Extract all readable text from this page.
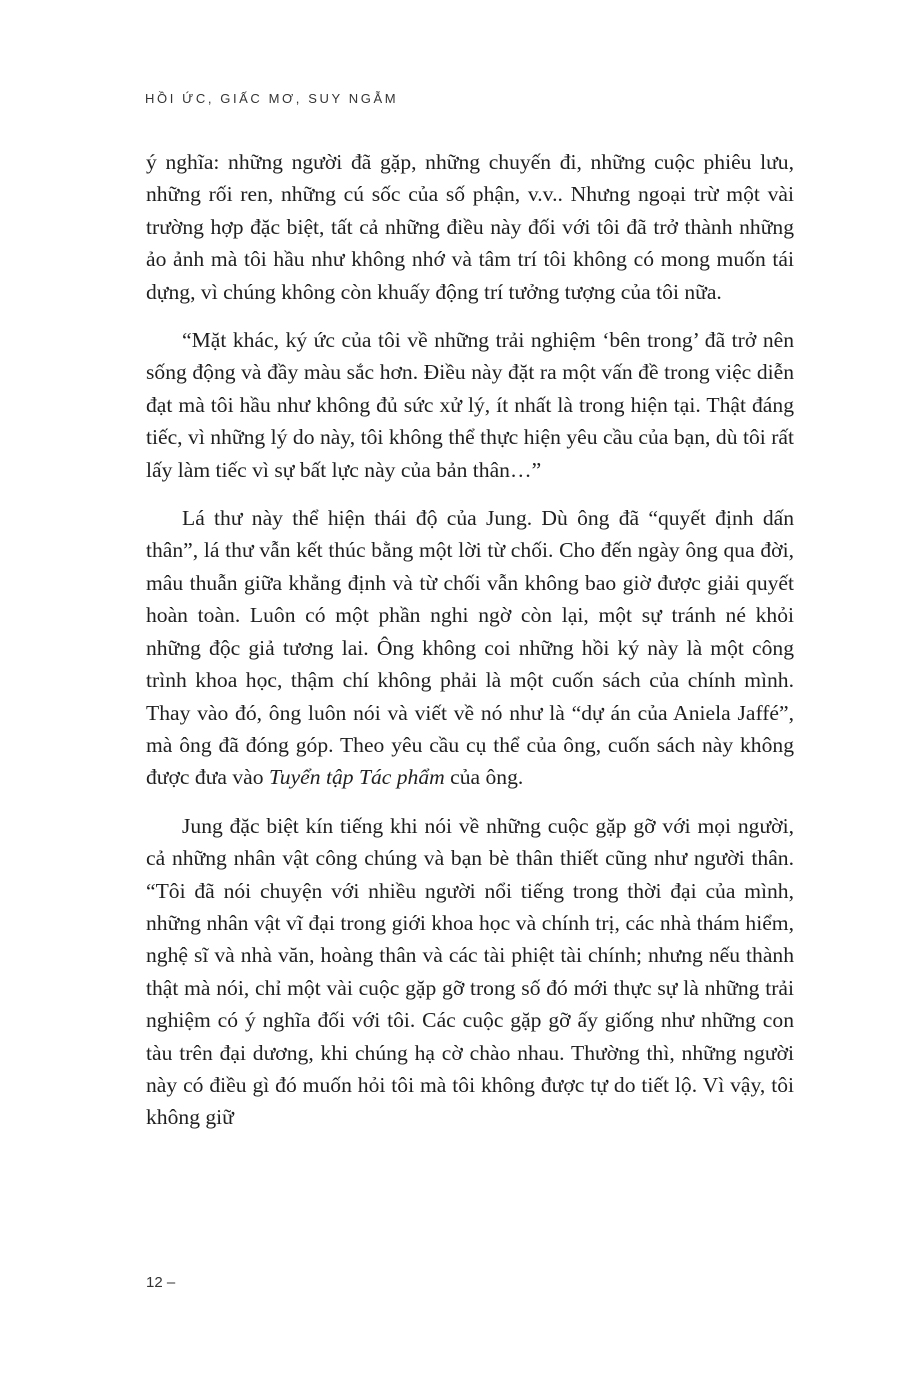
HỒI ỨC, GIẤC MƠ, SUY NGẪM

ý nghĩa: những người đã gặp, những chuyến đi, những cuộc phiêu lưu, những rối ren, những cú sốc của số phận, v.v.. Nhưng ngoại trừ một vài trường hợp đặc biệt, tất cả những điều này đối với tôi đã trở thành những ảo ảnh mà tôi hầu như không nhớ và tâm trí tôi không có mong muốn tái dựng, vì chúng không còn khuấy động trí tưởng tượng của tôi nữa.

“Mặt khác, ký ức của tôi về những trải nghiệm ‘bên trong’ đã trở nên sống động và đầy màu sắc hơn. Điều này đặt ra một vấn đề trong việc diễn đạt mà tôi hầu như không đủ sức xử lý, ít nhất là trong hiện tại. Thật đáng tiếc, vì những lý do này, tôi không thể thực hiện yêu cầu của bạn, dù tôi rất lấy làm tiếc vì sự bất lực này của bản thân…”

Lá thư này thể hiện thái độ của Jung. Dù ông đã “quyết định dấn thân”, lá thư vẫn kết thúc bằng một lời từ chối. Cho đến ngày ông qua đời, mâu thuẫn giữa khẳng định và từ chối vẫn không bao giờ được giải quyết hoàn toàn. Luôn có một phần nghi ngờ còn lại, một sự tránh né khỏi những độc giả tương lai. Ông không coi những hồi ký này là một công trình khoa học, thậm chí không phải là một cuốn sách của chính mình. Thay vào đó, ông luôn nói và viết về nó như là “dự án của Aniela Jaffé”, mà ông đã đóng góp. Theo yêu cầu cụ thể của ông, cuốn sách này không được đưa vào Tuyển tập Tác phẩm của ông.

Jung đặc biệt kín tiếng khi nói về những cuộc gặp gỡ với mọi người, cả những nhân vật công chúng và bạn bè thân thiết cũng như người thân. “Tôi đã nói chuyện với nhiều người nổi tiếng trong thời đại của mình, những nhân vật vĩ đại trong giới khoa học và chính trị, các nhà thám hiểm, nghệ sĩ và nhà văn, hoàng thân và các tài phiệt tài chính; nhưng nếu thành thật mà nói, chỉ một vài cuộc gặp gỡ trong số đó mới thực sự là những trải nghiệm có ý nghĩa đối với tôi. Các cuộc gặp gỡ ấy giống như những con tàu trên đại dương, khi chúng hạ cờ chào nhau. Thường thì, những người này có điều gì đó muốn hỏi tôi mà tôi không được tự do tiết lộ. Vì vậy, tôi không giữ

12 –
